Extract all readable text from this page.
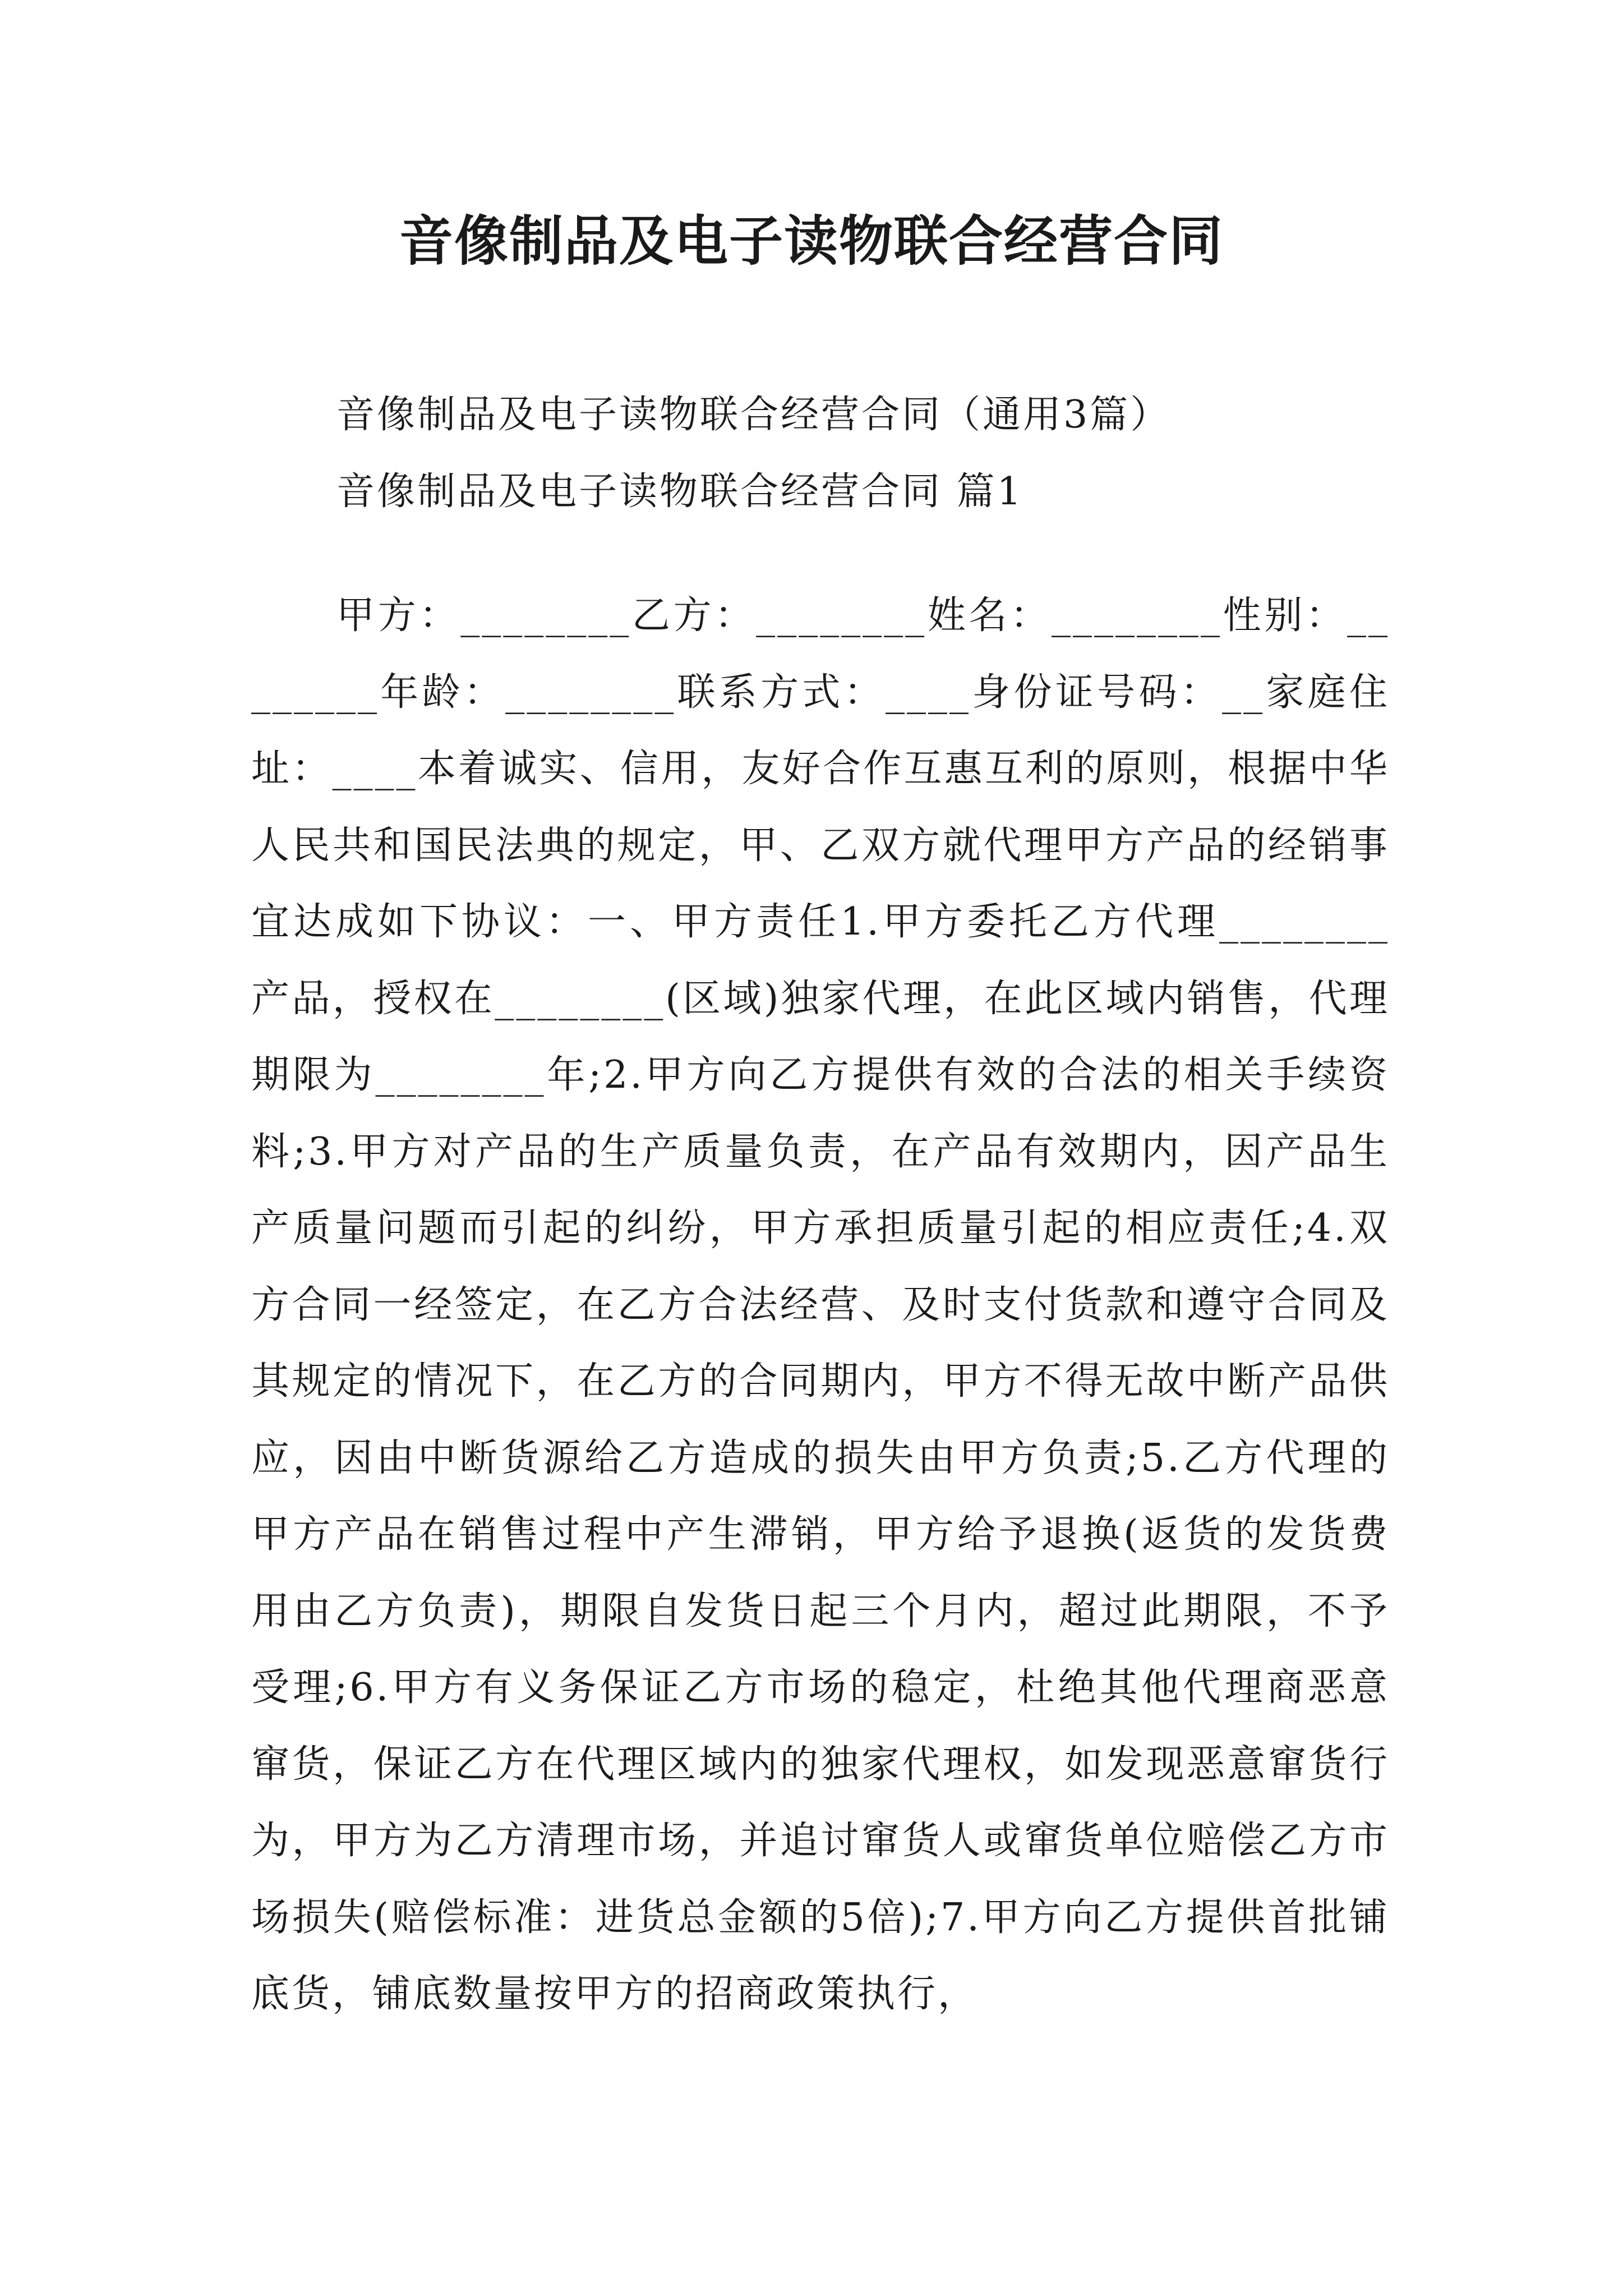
音像制品及电子读物联合经营合同
音像制品及电子读物联合经营合同（通用3篇）
音像制品及电子读物联合经营合同 篇1

甲方：________乙方：________姓名：________性别：________年龄：________联系方式：____身份证号码：__家庭住址：____本着诚实、信用，友好合作互惠互利的原则，根据中华人民共和国民法典的规定，甲、乙双方就代理甲方产品的经销事宜达成如下协议：一、甲方责任1.甲方委托乙方代理________产品，授权在________(区域)独家代理，在此区域内销售，代理期限为________年;2.甲方向乙方提供有效的合法的相关手续资料;3.甲方对产品的生产质量负责，在产品有效期内，因产品生产质量问题而引起的纠纷，甲方承担质量引起的相应责任;4.双方合同一经签定，在乙方合法经营、及时支付货款和遵守合同及其规定的情况下，在乙方的合同期内，甲方不得无故中断产品供应，因由中断货源给乙方造成的损失由甲方负责;5.乙方代理的甲方产品在销售过程中产生滞销，甲方给予退换(返货的发货费用由乙方负责)，期限自发货日起三个月内，超过此期限，不予受理;6.甲方有义务保证乙方市场的稳定，杜绝其他代理商恶意窜货，保证乙方在代理区域内的独家代理权，如发现恶意窜货行为，甲方为乙方清理市场，并追讨窜货人或窜货单位赔偿乙方市场损失(赔偿标准：进货总金额的5倍);7.甲方向乙方提供首批铺底货，铺底数量按甲方的招商政策执行，
